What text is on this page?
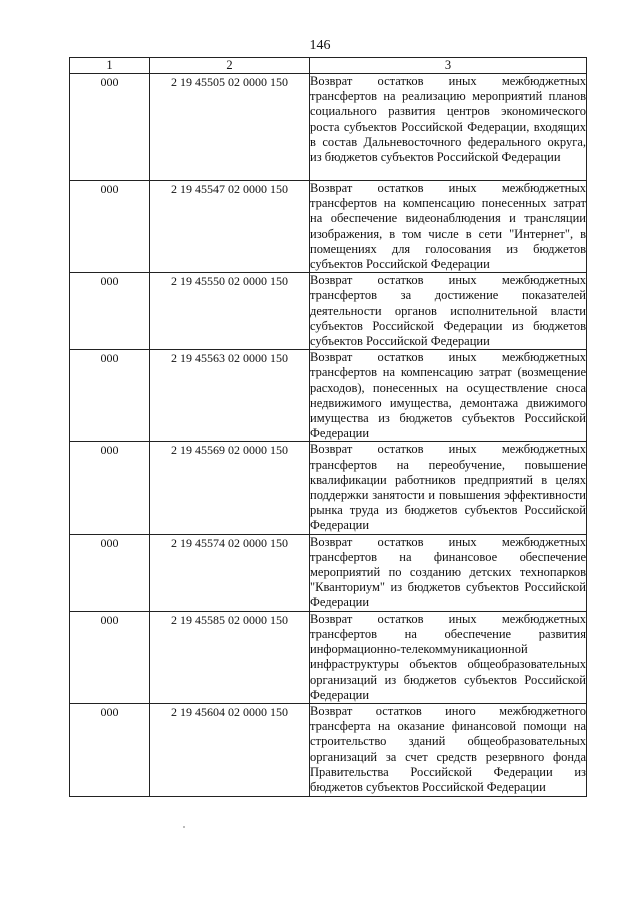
146
1	2	3
000	2 19 45505 02 0000 150	Возврат остатков иных межбюджетных трансфертов на реализацию мероприятий планов социального развития центров экономического роста субъектов Российской Федерации, входящих в состав Дальневосточного федерального округа, из бюджетов субъектов Российской Федерации
000	2 19 45547 02 0000 150	Возврат остатков иных межбюджетных трансфертов на компенсацию понесенных затрат на обеспечение видеонаблюдения и трансляции изображения, в том числе в сети "Интернет", в помещениях для голосования из бюджетов субъектов Российской Федерации
000	2 19 45550 02 0000 150	Возврат остатков иных межбюджетных трансфертов за достижение показателей деятельности органов исполнительной власти субъектов Российской Федерации из бюджетов субъектов Российской Федерации
000	2 19 45563 02 0000 150	Возврат остатков иных межбюджетных трансфертов на компенсацию затрат (возмещение расходов), понесенных на осуществление сноса недвижимого имущества, демонтажа движимого имущества из бюджетов субъектов Российской Федерации
000	2 19 45569 02 0000 150	Возврат остатков иных межбюджетных трансфертов на переобучение, повышение квалификации работников предприятий в целях поддержки занятости и повышения эффективности рынка труда из бюджетов субъектов Российской Федерации
000	2 19 45574 02 0000 150	Возврат остатков иных межбюджетных трансфертов на финансовое обеспечение мероприятий по созданию детских технопарков "Кванториум" из бюджетов субъектов Российской Федерации
000	2 19 45585 02 0000 150	Возврат остатков иных межбюджетных трансфертов на обеспечение развития информационно-телекоммуникационной инфраструктуры объектов общеобразовательных организаций из бюджетов субъектов Российской Федерации
000	2 19 45604 02 0000 150	Возврат остатков иного межбюджетного трансферта на оказание финансовой помощи на строительство зданий общеобразовательных организаций за счет средств резервного фонда Правительства Российской Федерации из бюджетов субъектов Российской Федерации
